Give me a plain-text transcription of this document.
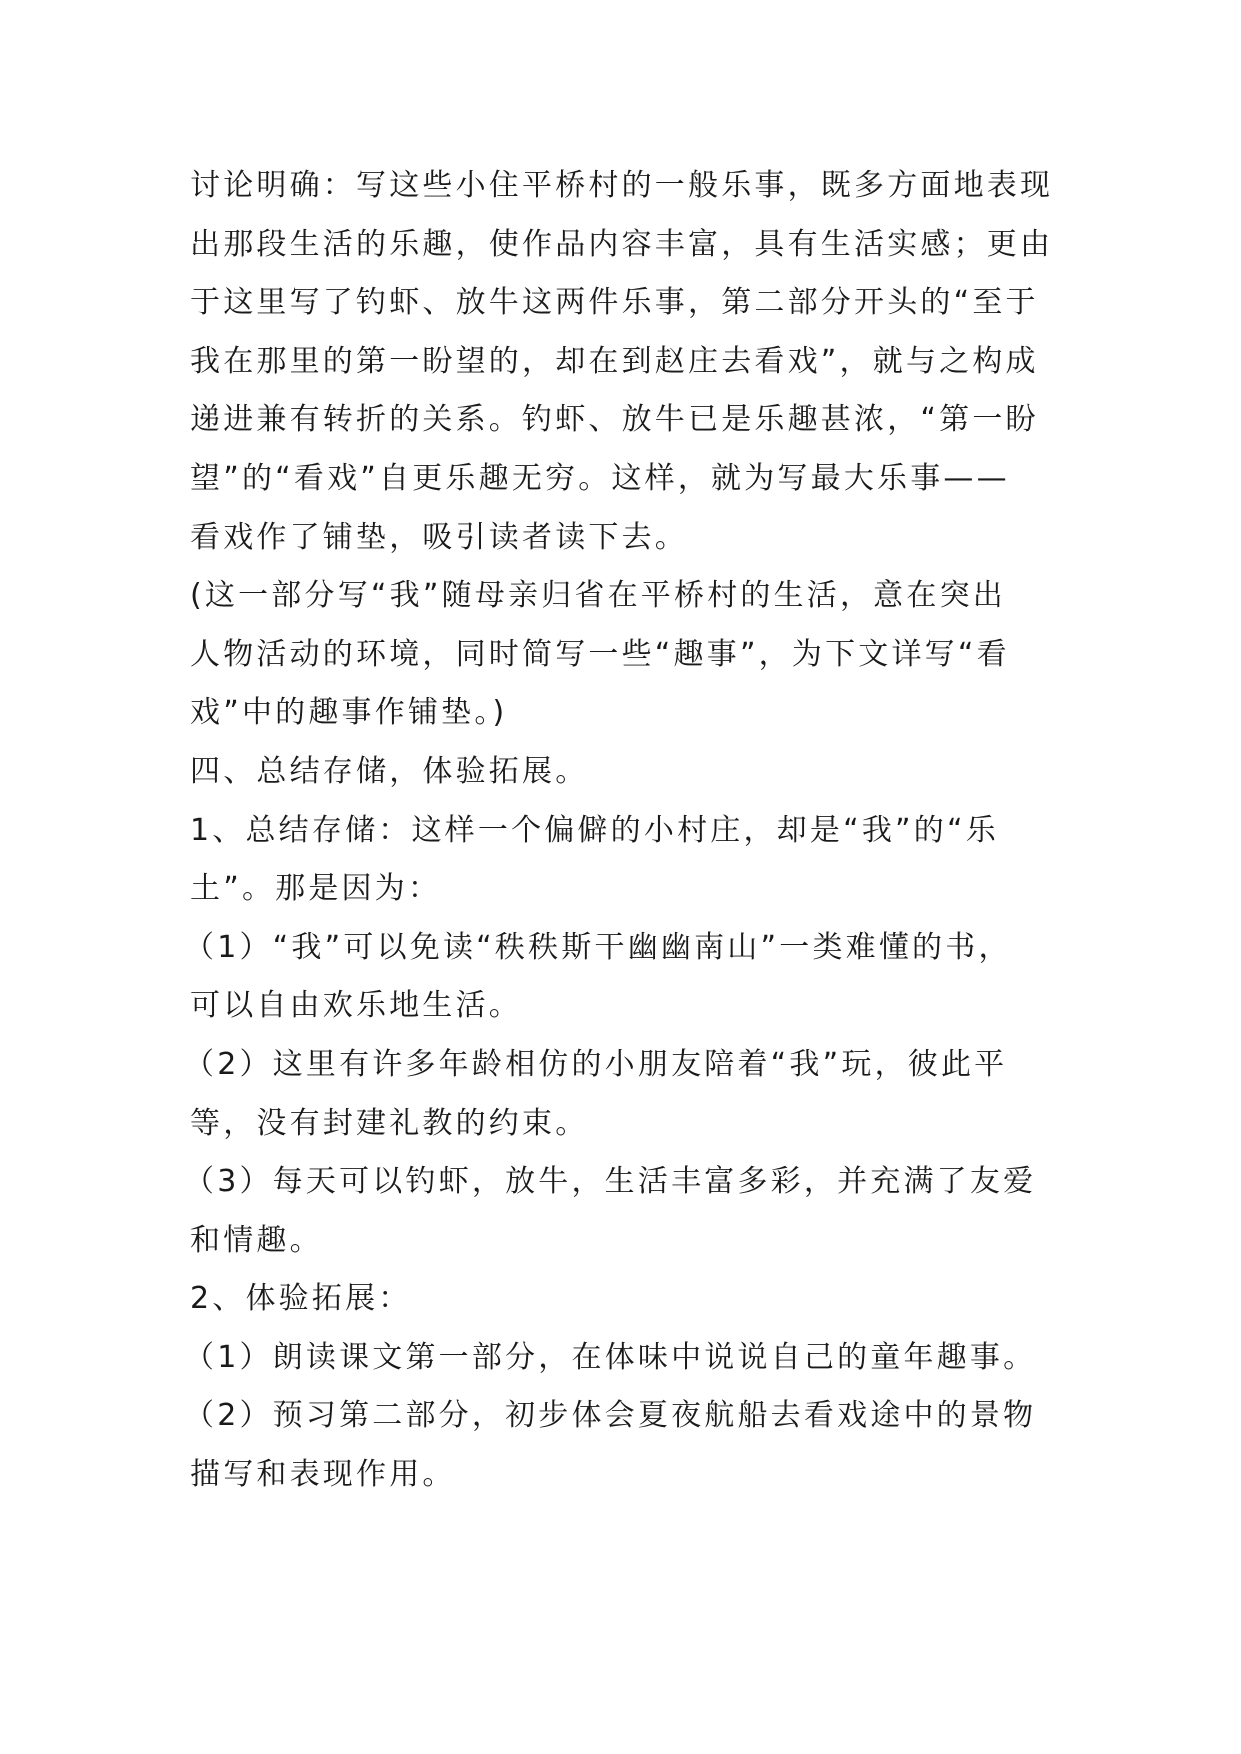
讨论明确：写这些小住平桥村的一般乐事，既多方面地表现
出那段生活的乐趣，使作品内容丰富，具有生活实感；更由
于这里写了钓虾、放牛这两件乐事，第二部分开头的“至于
我在那里的第一盼望的，却在到赵庄去看戏”，就与之构成
递进兼有转折的关系。钓虾、放牛已是乐趣甚浓，“第一盼
望”的“看戏”自更乐趣无穷。这样，就为写最大乐事——
看戏作了铺垫，吸引读者读下去。
(这一部分写“我”随母亲归省在平桥村的生活，意在突出
人物活动的环境，同时简写一些“趣事”，为下文详写“看
戏”中的趣事作铺垫。)
四、总结存储，体验拓展。
1、总结存储：这样一个偏僻的小村庄，却是“我”的“乐
土”。那是因为：
（1）“我”可以免读“秩秩斯干幽幽南山”一类难懂的书，
可以自由欢乐地生活。
（2）这里有许多年龄相仿的小朋友陪着“我”玩，彼此平
等，没有封建礼教的约束。
（3）每天可以钓虾，放牛，生活丰富多彩，并充满了友爱
和情趣。
2、体验拓展：
（1）朗读课文第一部分，在体味中说说自己的童年趣事。
（2）预习第二部分，初步体会夏夜航船去看戏途中的景物
描写和表现作用。
